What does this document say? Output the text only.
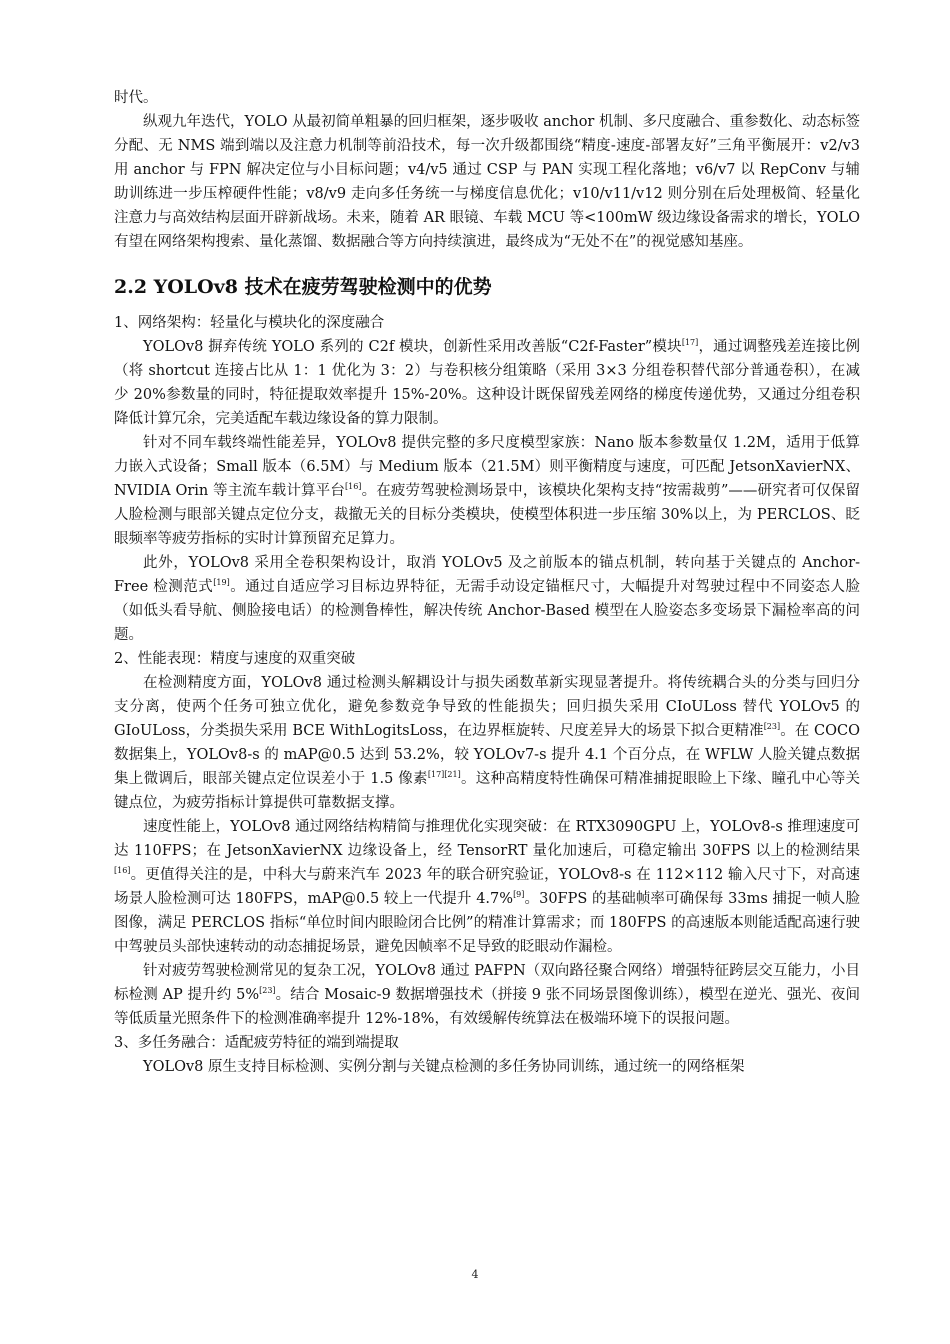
时代。

纵观九年迭代，YOLO 从最初简单粗暴的回归框架，逐步吸收 anchor 机制、多尺度融合、重参数化、动态标签分配、无 NMS 端到端以及注意力机制等前沿技术，每一次升级都围绕“精度-速度-部署友好”三角平衡展开：v2/v3 用 anchor 与 FPN 解决定位与小目标问题；v4/v5 通过 CSP 与 PAN 实现工程化落地；v6/v7 以 RepConv 与辅助训练进一步压榨硬件性能；v8/v9 走向多任务统一与梯度信息优化；v10/v11/v12 则分别在后处理极简、轻量化注意力与高效结构层面开辟新战场。未来，随着 AR 眼镜、车载 MCU 等<100mW 级边缘设备需求的增长，YOLO 有望在网络架构搜索、量化蒸馏、数据融合等方向持续演进，最终成为“无处不在”的视觉感知基座。

2.2 YOLOv8 技术在疲劳驾驶检测中的优势

1、网络架构：轻量化与模块化的深度融合

YOLOv8 摒弃传统 YOLO 系列的 C2f 模块，创新性采用改善版“C2f-Faster”模块[17]，通过调整残差连接比例（将 shortcut 连接占比从 1：1 优化为 3：2）与卷积核分组策略（采用 3×3 分组卷积替代部分普通卷积），在减少 20%参数量的同时，特征提取效率提升 15%-20%。这种设计既保留残差网络的梯度传递优势，又通过分组卷积降低计算冗余，完美适配车载边缘设备的算力限制。

针对不同车载终端性能差异，YOLOv8 提供完整的多尺度模型家族：Nano 版本参数量仅 1.2M，适用于低算力嵌入式设备；Small 版本（6.5M）与 Medium 版本（21.5M）则平衡精度与速度，可匹配 JetsonXavierNX、NVIDIA Orin 等主流车载计算平台[16]。在疲劳驾驶检测场景中，该模块化架构支持“按需裁剪”——研究者可仅保留人脸检测与眼部关键点定位分支，裁撤无关的目标分类模块，使模型体积进一步压缩 30%以上，为 PERCLOS、眨眼频率等疲劳指标的实时计算预留充足算力。

此外，YOLOv8 采用全卷积架构设计，取消 YOLOv5 及之前版本的锚点机制，转向基于关键点的 Anchor-Free 检测范式[19]。通过自适应学习目标边界特征，无需手动设定锚框尺寸，大幅提升对驾驶过程中不同姿态人脸（如低头看导航、侧脸接电话）的检测鲁棒性，解决传统 Anchor-Based 模型在人脸姿态多变场景下漏检率高的问题。

2、性能表现：精度与速度的双重突破

在检测精度方面，YOLOv8 通过检测头解耦设计与损失函数革新实现显著提升。将传统耦合头的分类与回归分支分离，使两个任务可独立优化，避免参数竞争导致的性能损失；回归损失采用 CIoULoss 替代 YOLOv5 的 GIoULoss，分类损失采用 BCE WithLogitsLoss，在边界框旋转、尺度差异大的场景下拟合更精准[23]。在 COCO 数据集上，YOLOv8-s 的 mAP@0.5 达到 53.2%，较 YOLOv7-s 提升 4.1 个百分点，在 WFLW 人脸关键点数据集上微调后，眼部关键点定位误差小于 1.5 像素[17][21]。这种高精度特性确保可精准捕捉眼睑上下缘、瞳孔中心等关键点位，为疲劳指标计算提供可靠数据支撑。

速度性能上，YOLOv8 通过网络结构精简与推理优化实现突破：在 RTX3090GPU 上，YOLOv8-s 推理速度可达 110FPS；在 JetsonXavierNX 边缘设备上，经 TensorRT 量化加速后，可稳定输出 30FPS 以上的检测结果[16]。更值得关注的是，中科大与蔚来汽车 2023 年的联合研究验证，YOLOv8-s 在 112×112 输入尺寸下，对高速场景人脸检测可达 180FPS，mAP@0.5 较上一代提升 4.7%[9]。30FPS 的基础帧率可确保每 33ms 捕捉一帧人脸图像，满足 PERCLOS 指标“单位时间内眼睑闭合比例”的精准计算需求；而 180FPS 的高速版本则能适配高速行驶中驾驶员头部快速转动的动态捕捉场景，避免因帧率不足导致的眨眼动作漏检。

针对疲劳驾驶检测常见的复杂工况，YOLOv8 通过 PAFPN（双向路径聚合网络）增强特征跨层交互能力，小目标检测 AP 提升约 5%[23]。结合 Mosaic-9 数据增强技术（拼接 9 张不同场景图像训练），模型在逆光、强光、夜间等低质量光照条件下的检测准确率提升 12%-18%，有效缓解传统算法在极端环境下的误报问题。

3、多任务融合：适配疲劳特征的端到端提取

YOLOv8 原生支持目标检测、实例分割与关键点检测的多任务协同训练，通过统一的网络框架

4
